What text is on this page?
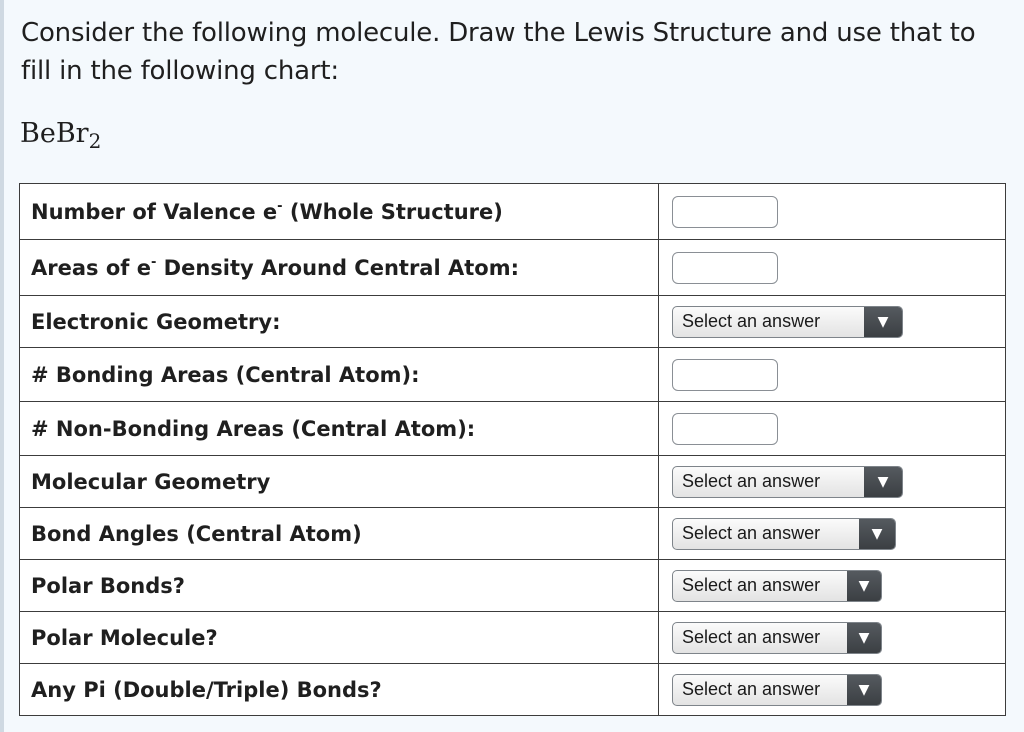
Consider the following molecule. Draw the Lewis Structure and use that to fill in the following chart:
BeBr$_2$
Number of Valence e- (Whole Structure)	

Areas of e- Density Around Central Atom:	

Electronic Geometry:	Select an answer ▼

# Bonding Areas (Central Atom):	

# Non-Bonding Areas (Central Atom):	

Molecular Geometry	Select an answer ▼

Bond Angles (Central Atom)	Select an answer ▼

Polar Bonds?	Select an answer ▼

Polar Molecule?	Select an answer ▼

Any Pi (Double/Triple) Bonds?	Select an answer ▼
